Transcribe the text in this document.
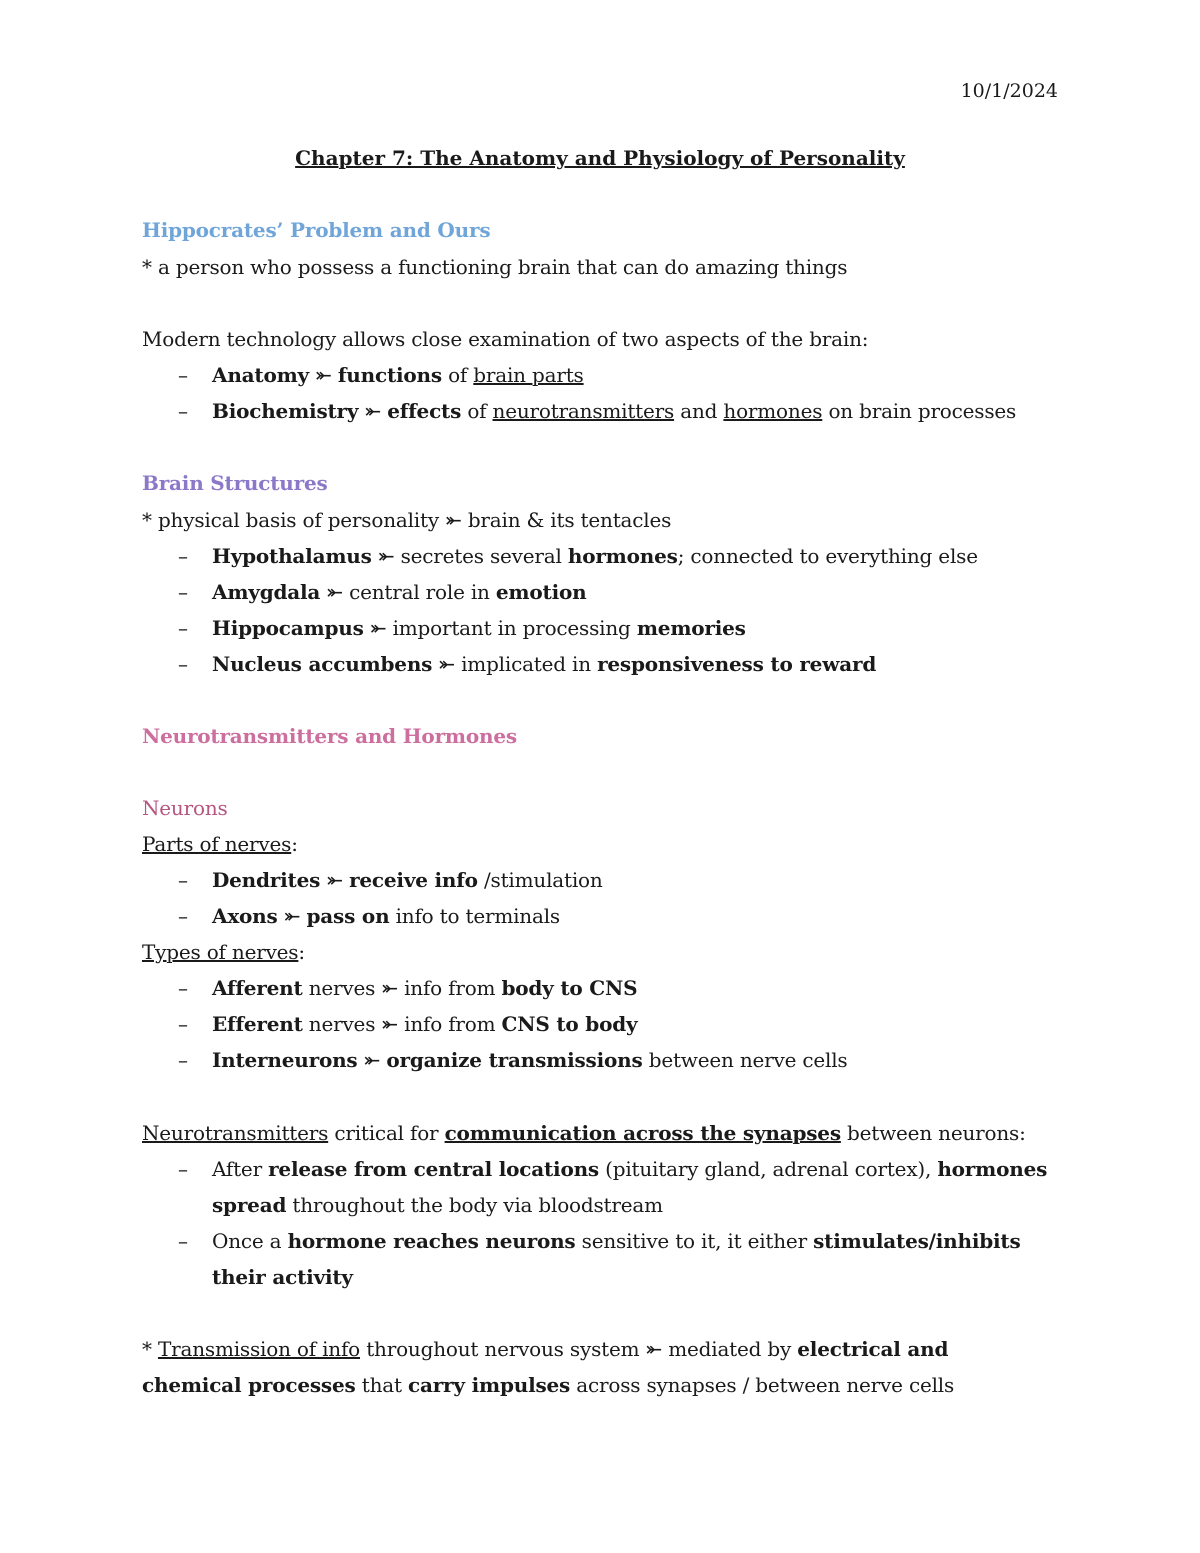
10/1/2024
Chapter 7: The Anatomy and Physiology of Personality
Hippocrates’ Problem and Ours
* a person who possess a functioning brain that can do amazing things
Modern technology allows close examination of two aspects of the brain:
– Anatomy ⤜ functions of brain parts
– Biochemistry ⤜ effects of neurotransmitters and hormones on brain processes
Brain Structures
* physical basis of personality ⤜ brain & its tentacles
– Hypothalamus ⤜ secretes several hormones; connected to everything else
– Amygdala ⤜ central role in emotion
– Hippocampus ⤜ important in processing memories
– Nucleus accumbens ⤜ implicated in responsiveness to reward
Neurotransmitters and Hormones
Neurons
Parts of nerves:
– Dendrites ⤜ receive info /stimulation
– Axons ⤜ pass on info to terminals
Types of nerves:
– Afferent nerves ⤜ info from body to CNS
– Efferent nerves ⤜ info from CNS to body
– Interneurons ⤜ organize transmissions between nerve cells
Neurotransmitters critical for communication across the synapses between neurons:
– After release from central locations (pituitary gland, adrenal cortex), hormones
spread throughout the body via bloodstream
– Once a hormone reaches neurons sensitive to it, it either stimulates/inhibits
their activity
* Transmission of info throughout nervous system ⤜ mediated by electrical and
chemical processes that carry impulses across synapses / between nerve cells
